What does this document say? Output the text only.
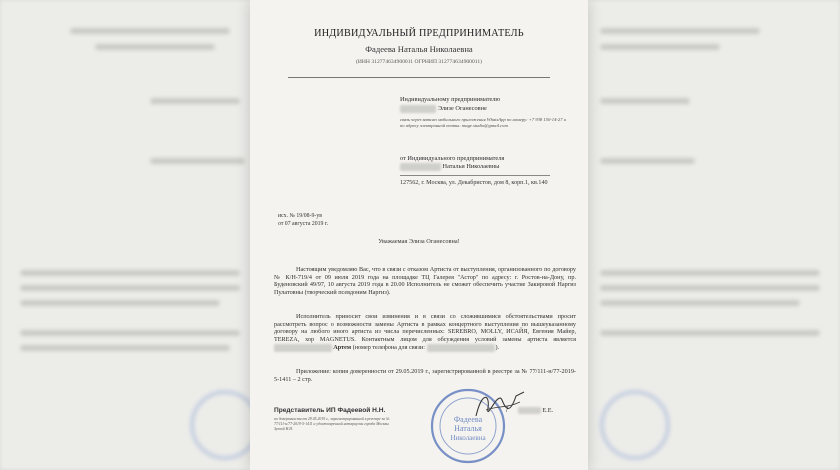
ИНДИВИДУАЛЬНЫЙ ПРЕДПРИНИМАТЕЛЬ
Фадеева Наталья Николаевна
(ИНН 312774634900011 ОГРНИП 312774634900011)
Индивидуальному предпринимателю
Элизе Оганесовне
связь через ватсап мобильного приложения WhatsApp по номеру: +7 938 150-14-27 и по адресу электронной почты: mage.studio@gmail.com
от Индивидуального предпринимателя
Натальи Николаевны
127562, г. Москва, ул. Декабристов, дом 8, корп.1, кв.140
исх. № 19/08-9-ув
от 07 августа 2019 г.
Уважаемая Элиза Оганесовна!
Настоящим уведомляю Вас, что в связи с отказом Артиста от выступления, организованного по договору № К/Н-719/4 от 09 июля 2019 года на площадке ТЦ Галерея "Астор" по адресу: г. Ростов-на-Дону, пр. Буденовский 49/97, 10 августа 2019 года в 20.00 Исполнитель не сможет обеспечить участие Закировой Наргиз Пулатовны (творческий псевдоним Наргиз).
Исполнитель приносит свои извинения и в связи со сложившимися обстоятельствами просит рассмотреть вопрос о возможности замены Артиста в рамках концертного выступления по вышеуказанному договору на любого иного артиста из числа перечисленных: SEREBRO, MOLLY, ИСАЙЯ, Евгения Майер, TEREZA, хор MAGNETUS. Контактным лицом для обсуждения условий замены артиста является  Артем (номер телефона для связи:	).
Приложение: копия доверенности от 29.05.2019 г., зарегистрированной в реестре за № 77/111-н/77-2019-5-1411 – 2 стр.
Представитель ИП Фадеевой Н.Н.
по доверенности от 29.05.2019 г., зарегистрированной в реестре за № 77/111-н/77-2019-5-1411 и удостоверенной нотариусом города Москвы Зуевой Н.И.
Фадеева
Наталья
Николаевна
/	Е.Е.
